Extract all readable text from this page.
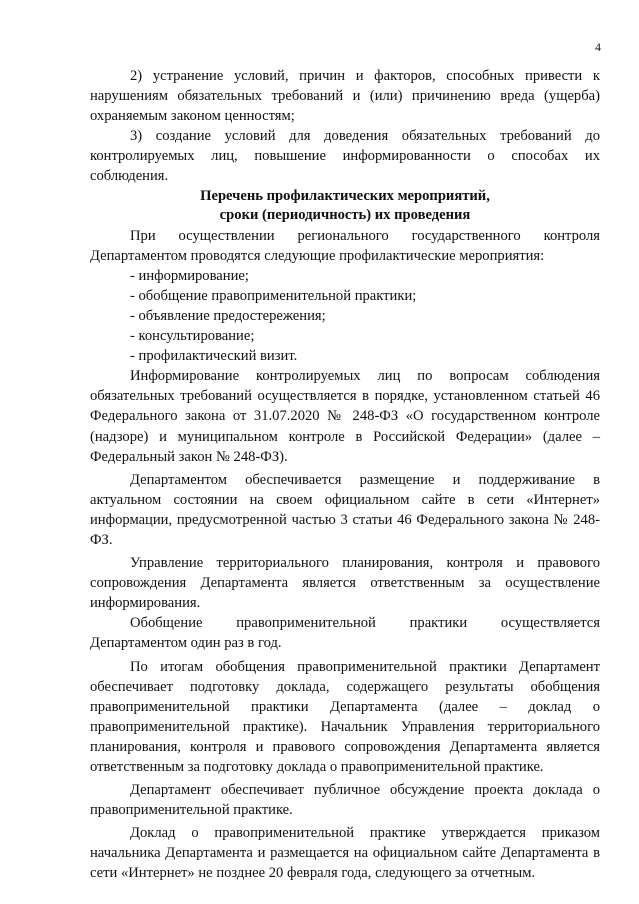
4

2) устранение условий, причин и факторов, способных привести к нарушениям обязательных требований и (или) причинению вреда (ущерба) охраняемым законом ценностям;

3) создание условий для доведения обязательных требований до контролируемых лиц, повышение информированности о способах их соблюдения.

Перечень профилактических мероприятий,

сроки (периодичность) их проведения

При осуществлении регионального государственного контроля Департаментом проводятся следующие профилактические мероприятия:

- информирование;

- обобщение правоприменительной практики;

- объявление предостережения;

- консультирование;

- профилактический визит.

Информирование контролируемых лиц по вопросам соблюдения обязательных требований осуществляется в порядке, установленном статьей 46 Федерального закона от 31.07.2020 № 248-ФЗ «О государственном контроле (надзоре) и муниципальном контроле в Российской Федерации» (далее – Федеральный закон № 248-ФЗ).

Департаментом обеспечивается размещение и поддерживание в актуальном состоянии на своем официальном сайте в сети «Интернет» информации, предусмотренной частью 3 статьи 46 Федерального закона № 248-ФЗ.

Управление территориального планирования, контроля и правового сопровождения Департамента является ответственным за осуществление информирования.

Обобщение правоприменительной практики осуществляется Департаментом один раз в год.

По итогам обобщения правоприменительной практики Департамент обеспечивает подготовку доклада, содержащего результаты обобщения правоприменительной практики Департамента (далее – доклад о правоприменительной практике). Начальник Управления территориального планирования, контроля и правового сопровождения Департамента является ответственным за подготовку доклада о правоприменительной практике.

Департамент обеспечивает публичное обсуждение проекта доклада о правоприменительной практике.

Доклад о правоприменительной практике утверждается приказом начальника Департамента и размещается на официальном сайте Департамента в сети «Интернет» не позднее 20 февраля года, следующего за отчетным.
